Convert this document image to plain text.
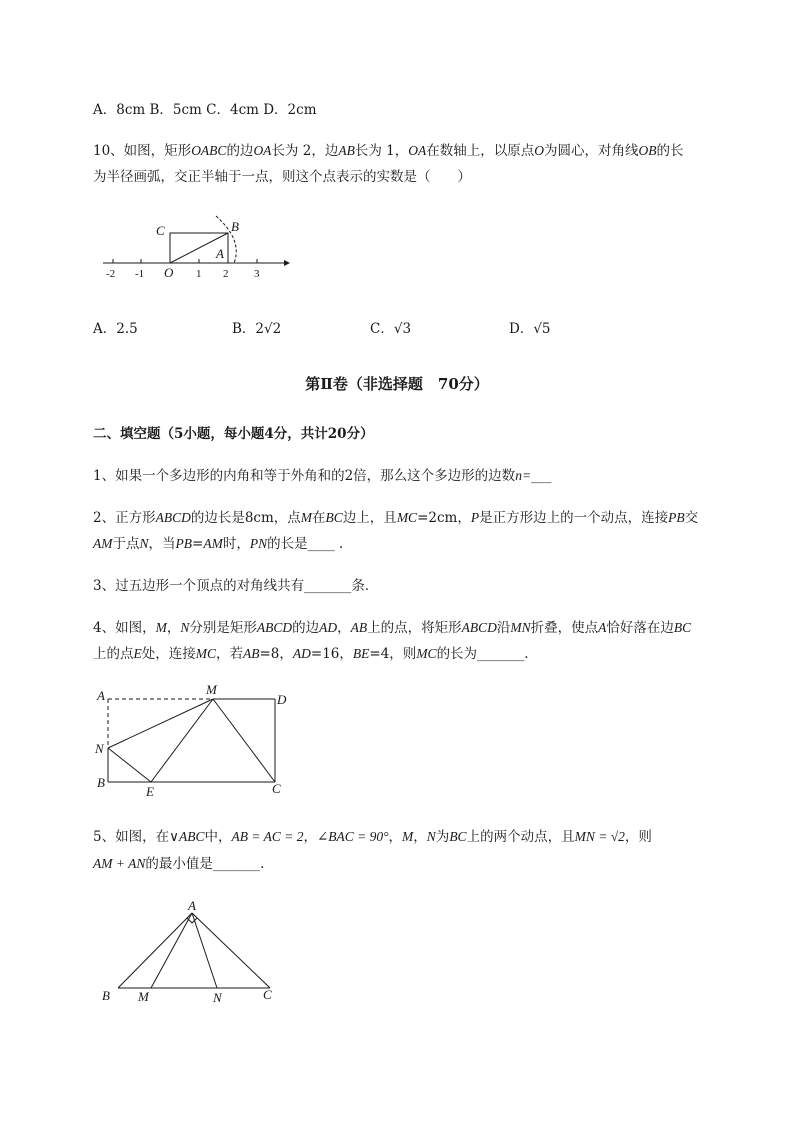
A．8cm B．5cm C．4cm D．2cm
10、如图，矩形OABC的边OA长为 2，边AB长为 1，OA在数轴上，以原点O为圆心，对角线OB的长
为半径画弧，交正半轴于一点，则这个点表示的实数是（　　）
C	B
A
O
-2 -1	1 2 3
A．2.5	B．2√2	C．√3	D．√5
第Ⅱ卷（非选择题　70分）
二、填空题（5小题，每小题4分，共计20分）
1、如果一个多边形的内角和等于外角和的2倍，那么这个多边形的边数n=___
2、正方形ABCD的边长是8cm，点M在BC边上，且MC=2cm，P是正方形边上的一个动点，连接PB交
AM于点N，当PB=AM时，PN的长是____ .
3、过五边形一个顶点的对角线共有_______条．
4、如图，M，N分别是矩形ABCD的边AD，AB上的点，将矩形ABCD沿MN折叠，使点A恰好落在边BC
上的点E处，连接MC，若AB=8，AD=16，BE=4，则MC的长为_______.
A	M
D
N
B
E	C
5、如图，在∨ABC中，AB = AC = 2，∠BAC = 90°，M，N为BC上的两个动点，且MN = √2，则
AM + AN的最小值是_______.
A
B M	N	C
